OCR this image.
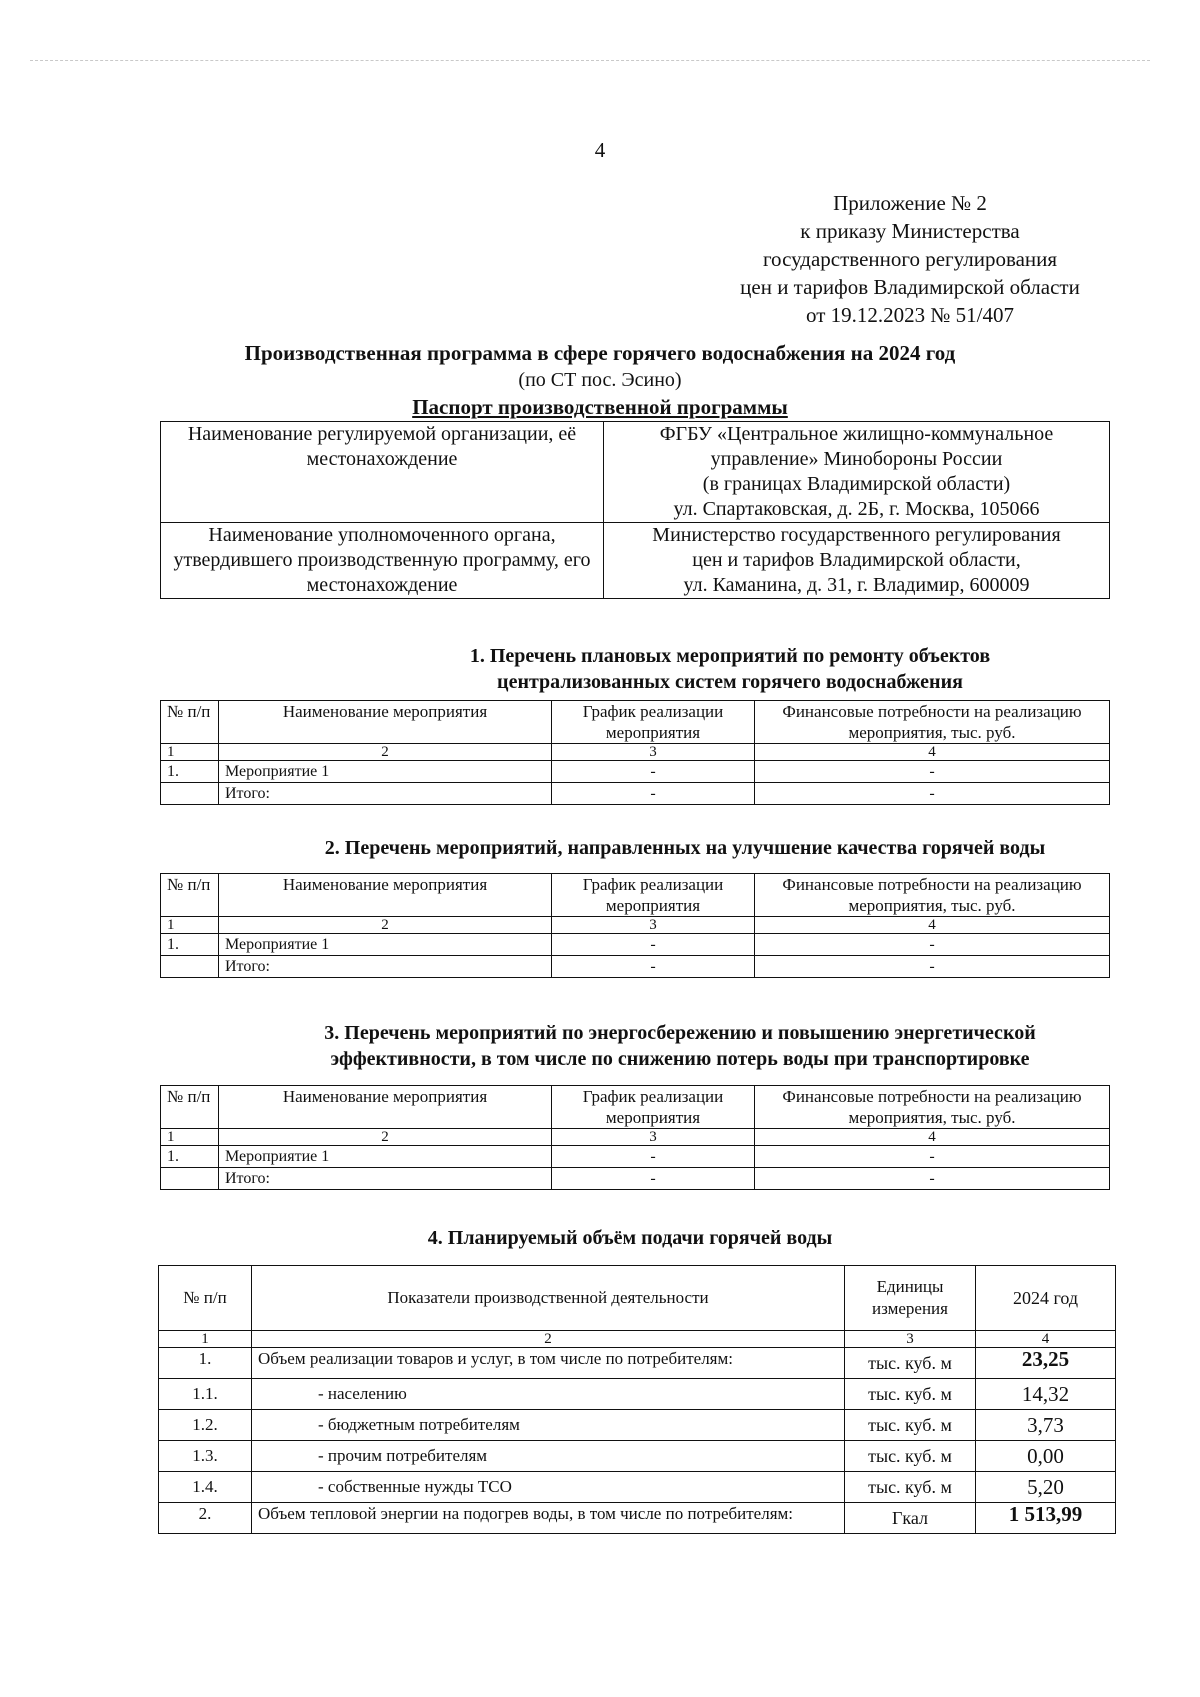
4
Приложение № 2
к приказу Министерства
государственного регулирования
цен и тарифов Владимирской области
от 19.12.2023 № 51/407
Производственная программа в сфере горячего водоснабжения на 2024 год
(по СТ пос. Эсино)
Паспорт производственной программы
Наименование регулируемой организации, её местонахождение	ФГБУ «Центральное жилищно-коммунальное
управление» Минобороны России
(в границах Владимирской области)
ул. Спартаковская, д. 2Б, г. Москва, 105066

Наименование уполномоченного органа, утвердившего производственную программу, его местонахождение	Министерство государственного регулирования
цен и тарифов Владимирской области,
ул. Каманина, д. 31, г. Владимир, 600009
1. Перечень плановых мероприятий по ремонту объектов
централизованных систем горячего водоснабжения
№ п/п	Наименование мероприятия	График реализации мероприятия	Финансовые потребности на реализацию мероприятия, тыс. руб.
1	2	3	4
1.	Мероприятие 1	-	-
	Итого:	-	-
2. Перечень мероприятий, направленных на улучшение качества горячей воды
№ п/п	Наименование мероприятия	График реализации мероприятия	Финансовые потребности на реализацию мероприятия, тыс. руб.
1	2	3	4
1.	Мероприятие 1	-	-
	Итого:	-	-
3. Перечень мероприятий по энергосбережению и повышению энергетической
эффективности, в том числе по снижению потерь воды при транспортировке
№ п/п	Наименование мероприятия	График реализации мероприятия	Финансовые потребности на реализацию мероприятия, тыс. руб.
1	2	3	4
1.	Мероприятие 1	-	-
	Итого:	-	-
4. Планируемый объём подачи горячей воды
№ п/п	Показатели производственной деятельности	Единицы измерения	2024 год
1	2	3	4
1.	Объем реализации товаров и услуг, в том числе по потребителям:	тыс. куб. м	23,25
1.1.	- населению	тыс. куб. м	14,32
1.2.	- бюджетным потребителям	тыс. куб. м	3,73
1.3.	- прочим потребителям	тыс. куб. м	0,00
1.4.	- собственные нужды ТСО	тыс. куб. м	5,20
2.	Объем тепловой энергии на подогрев воды, в том числе по потребителям:	Гкал	1 513,99
